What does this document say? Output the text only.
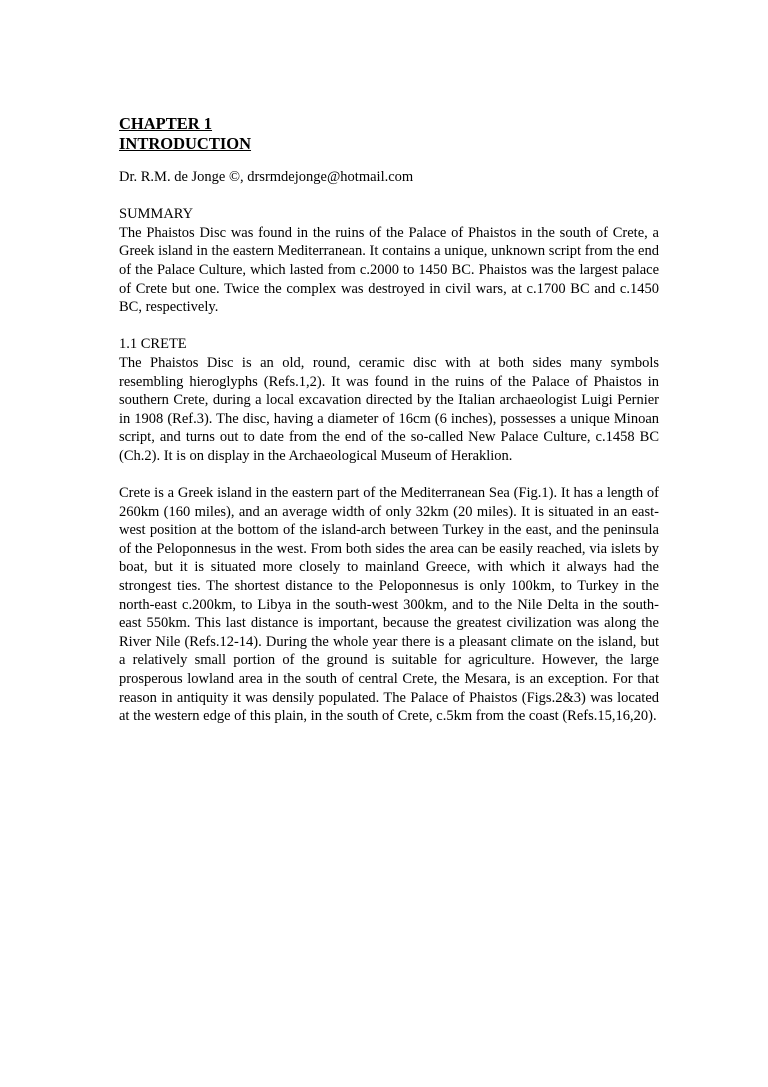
CHAPTER 1
INTRODUCTION
Dr. R.M. de Jonge ©, drsrmdejonge@hotmail.com
SUMMARY

The Phaistos Disc was found in the ruins of the Palace of Phaistos in the south of Crete, a Greek island in the eastern Mediterranean. It contains a unique, unknown script from the end of the Palace Culture, which lasted from c.2000 to 1450 BC. Phaistos was the largest palace of Crete but one. Twice the complex was destroyed in civil wars, at c.1700 BC and c.1450 BC, respectively.

1.1 CRETE

The Phaistos Disc is an old, round, ceramic disc with at both sides many symbols resembling hieroglyphs (Refs.1,2). It was found in the ruins of the Palace of Phaistos in southern Crete, during a local excavation directed by the Italian archaeologist Luigi Pernier in 1908 (Ref.3). The disc, having a diameter of 16cm (6 inches), possesses a unique Minoan script, and turns out to date from the end of the so-called New Palace Culture, c.1458 BC (Ch.2). It is on display in the Archaeological Museum of Heraklion.

Crete is a Greek island in the eastern part of the Mediterranean Sea (Fig.1). It has a length of 260km (160 miles), and an average width of only 32km (20 miles). It is situated in an east-west position at the bottom of the island-arch between Turkey in the east, and the peninsula of the Peloponnesus in the west. From both sides the area can be easily reached, via islets by boat, but it is situated more closely to mainland Greece, with which it always had the strongest ties. The shortest distance to the Peloponnesus is only 100km, to Turkey in the north-east c.200km, to Libya in the south-west 300km, and to the Nile Delta in the south-east 550km. This last distance is important, because the greatest civilization was along the River Nile (Refs.12-14). During the whole year there is a pleasant climate on the island, but a relatively small portion of the ground is suitable for agriculture. However, the large prosperous lowland area in the south of central Crete, the Mesara, is an exception. For that reason in antiquity it was densily populated. The Palace of Phaistos (Figs.2&3) was located at the western edge of this plain, in the south of Crete, c.5km from the coast (Refs.15,16,20).
